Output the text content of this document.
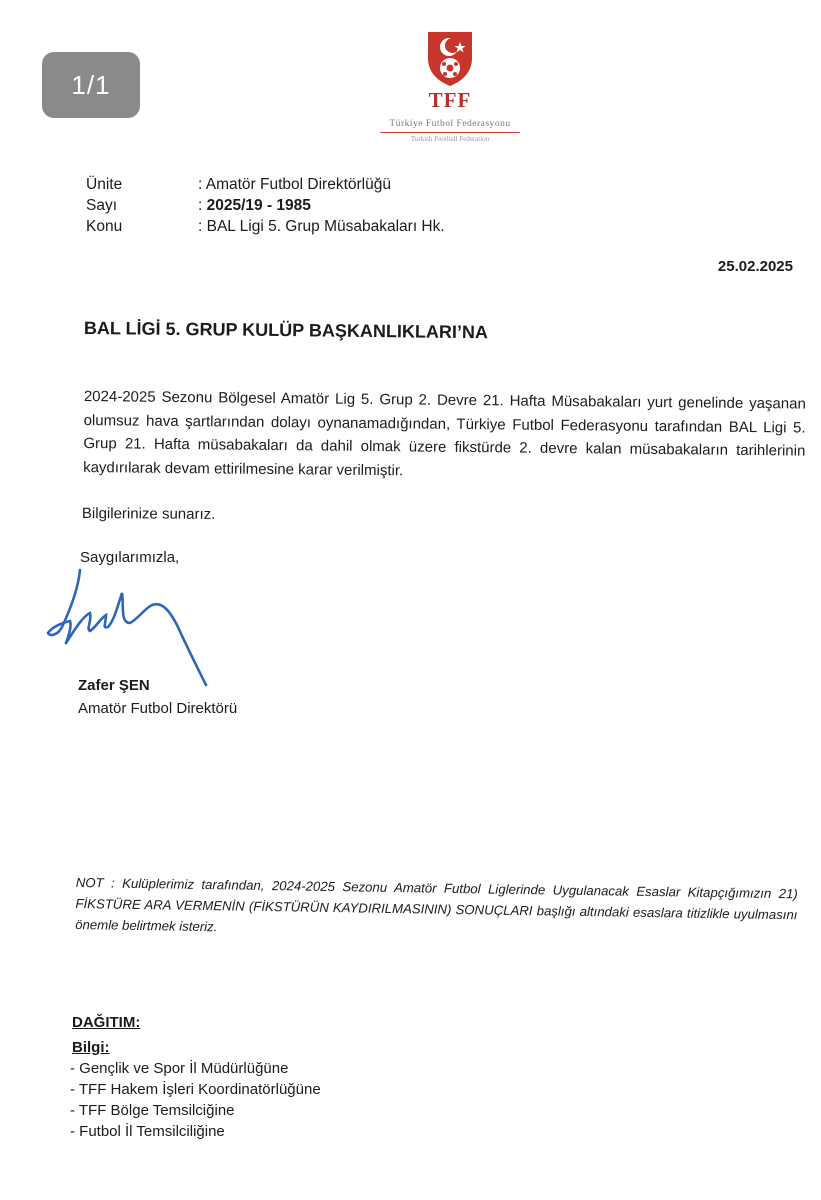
1/1
TFF
Türkiye Futbol Federasyonu
Turkish Football Federation
Ünite	: Amatör Futbol Direktörlüğü
Sayı	: 2025/19 - 1985
Konu	: BAL Ligi 5. Grup Müsabakaları Hk.
25.02.2025
BAL LİGİ 5. GRUP KULÜP BAŞKANLIKLARI’NA
2024-2025 Sezonu Bölgesel Amatör Lig 5. Grup 2. Devre 21. Hafta Müsabakaları yurt genelinde yaşanan olumsuz hava şartlarından dolayı oynanamadığından, Türkiye Futbol Federasyonu tarafından BAL Ligi 5. Grup 21. Hafta müsabakaları da dahil olmak üzere fikstürde 2. devre kalan müsabakaların tarihlerinin kaydırılarak devam ettirilmesine karar verilmiştir.
Bilgilerinize sunarız.
Saygılarımızla,
Zafer ŞEN
Amatör Futbol Direktörü
NOT : Kulüplerimiz tarafından, 2024-2025 Sezonu Amatör Futbol Liglerinde Uygulanacak Esaslar Kitapçığımızın 21) FİKSTÜRE ARA VERMENİN (FİKSTÜRÜN KAYDIRILMASININ) SONUÇLARI başlığı altındaki esaslara titizlikle uyulmasını önemle belirtmek isteriz.
DAĞITIM:
Bilgi:
- Gençlik ve Spor İl Müdürlüğüne
- TFF Hakem İşleri Koordinatörlüğüne
- TFF Bölge Temsilciğine
- Futbol İl Temsilciliğine
